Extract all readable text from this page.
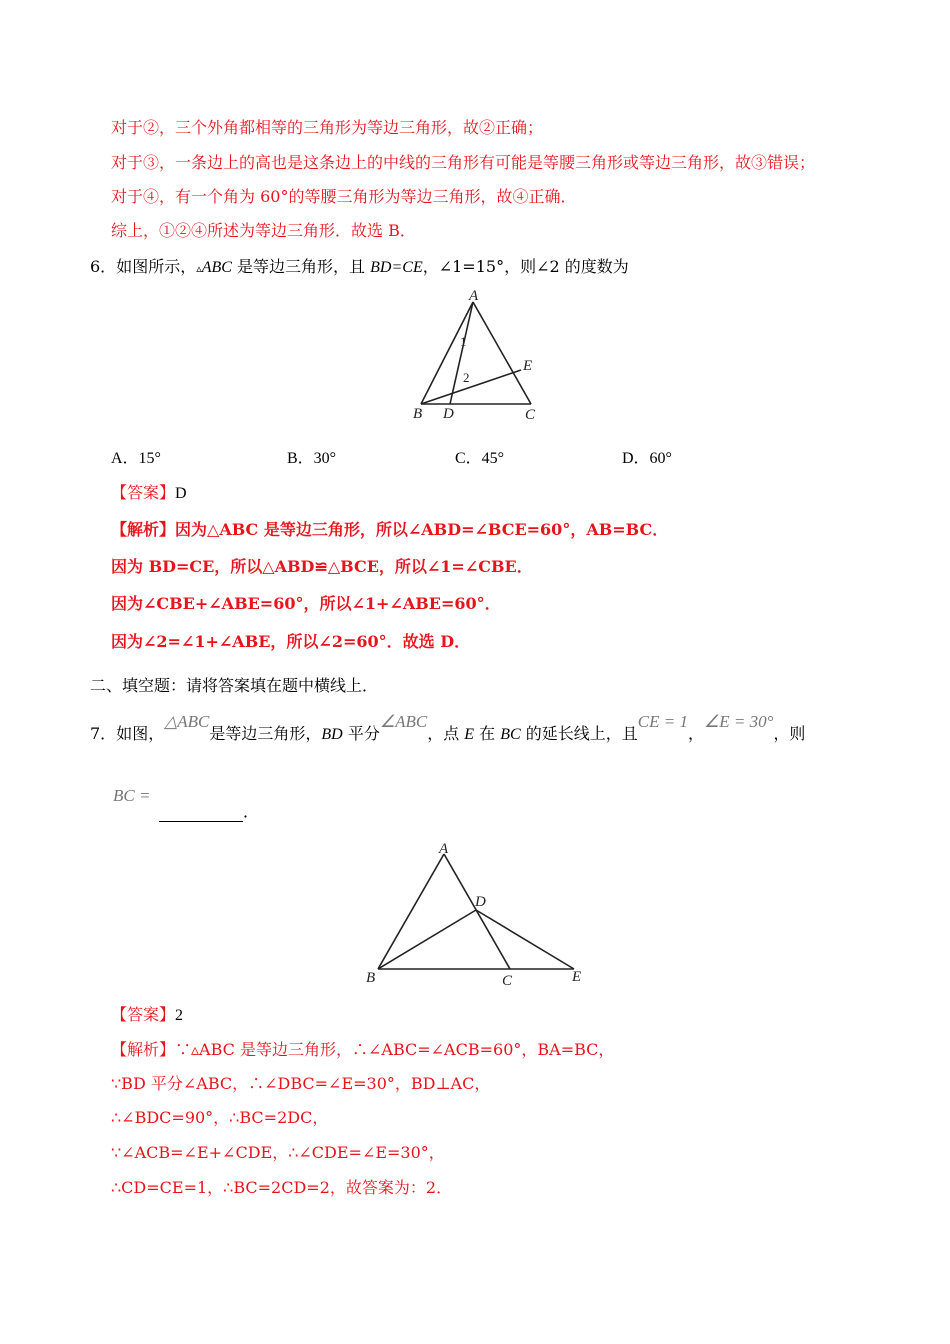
对于②，三个外角都相等的三角形为等边三角形，故②正确；
对于③，一条边上的高也是这条边上的中线的三角形有可能是等腰三角形或等边三角形，故③错误；
对于④，有一个角为 60°的等腰三角形为等边三角形，故④正确．
综上，①②④所述为等边三角形．故选 B．
6．如图所示，▵ABC 是等边三角形，且 BD=CE，∠1=15°，则∠2 的度数为
A
B	C
D
E
1
2
A．15°	B．30°	C．45°	D．60°
【答案】D
【解析】因为△ABC 是等边三角形，所以∠ABD=∠BCE=60°，AB=BC．
因为 BD=CE，所以△ABD≌△BCE，所以∠1=∠CBE．
因为∠CBE+∠ABE=60°，所以∠1+∠ABE=60°．
因为∠2=∠1+∠ABE，所以∠2=60°．故选 D．
二、填空题：请将答案填在题中横线上．
7．如图，△ABC是等边三角形，BD 平分∠ABC，点 E 在 BC 的延长线上，且CE = 1，∠E = 30°，则
BC =
．
A
B	C
D
E
【答案】2
【解析】∵▵ABC 是等边三角形，∴∠ABC=∠ACB=60°，BA=BC，
∵BD 平分∠ABC，∴∠DBC=∠E=30°，BD⊥AC，
∴∠BDC=90°，∴BC=2DC，
∵∠ACB=∠E+∠CDE，∴∠CDE=∠E=30°，
∴CD=CE=1，∴BC=2CD=2，故答案为：2．
